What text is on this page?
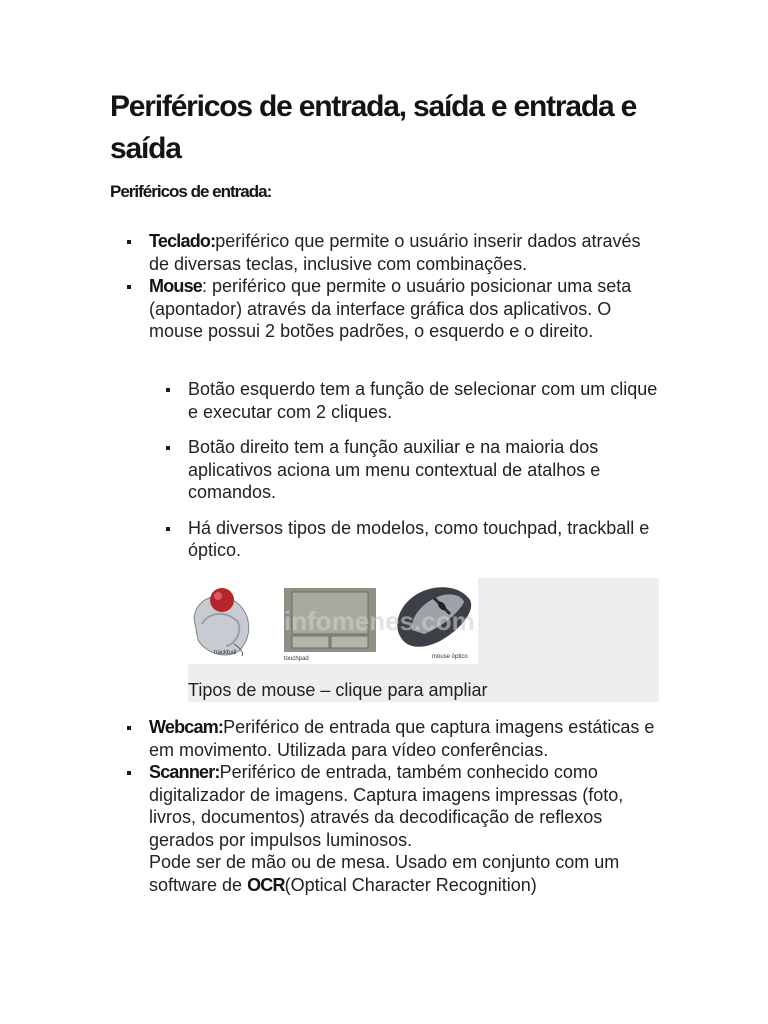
Periféricos de entrada, saída e entrada e saída
Periféricos de entrada:
Teclado:periférico que permite o usuário inserir dados através de diversas teclas, inclusive com combinações.
Mouse: periférico que permite o usuário posicionar uma seta (apontador) através da interface gráfica dos aplicativos. O mouse possui 2 botões padrões, o esquerdo e o direito.
Botão esquerdo tem a função de selecionar com um clique e executar com 2 cliques.
Botão direito tem a função auxiliar e na maioria dos aplicativos aciona um menu contextual de atalhos e comandos.
Há diversos tipos de modelos, como touchpad, trackball e óptico.
trackball
touchpad	mouse óptico
infomenes.com
Tipos de mouse – clique para ampliar
Webcam:Periférico de entrada que captura imagens estáticas e em movimento. Utilizada para vídeo conferências.
Scanner:Periférico de entrada, também conhecido como digitalizador de imagens. Captura imagens impressas (foto, livros, documentos) através da decodificação de reflexos gerados por impulsos luminosos.
Pode ser de mão ou de mesa. Usado em conjunto com um software de OCR(Optical Character Recognition)
